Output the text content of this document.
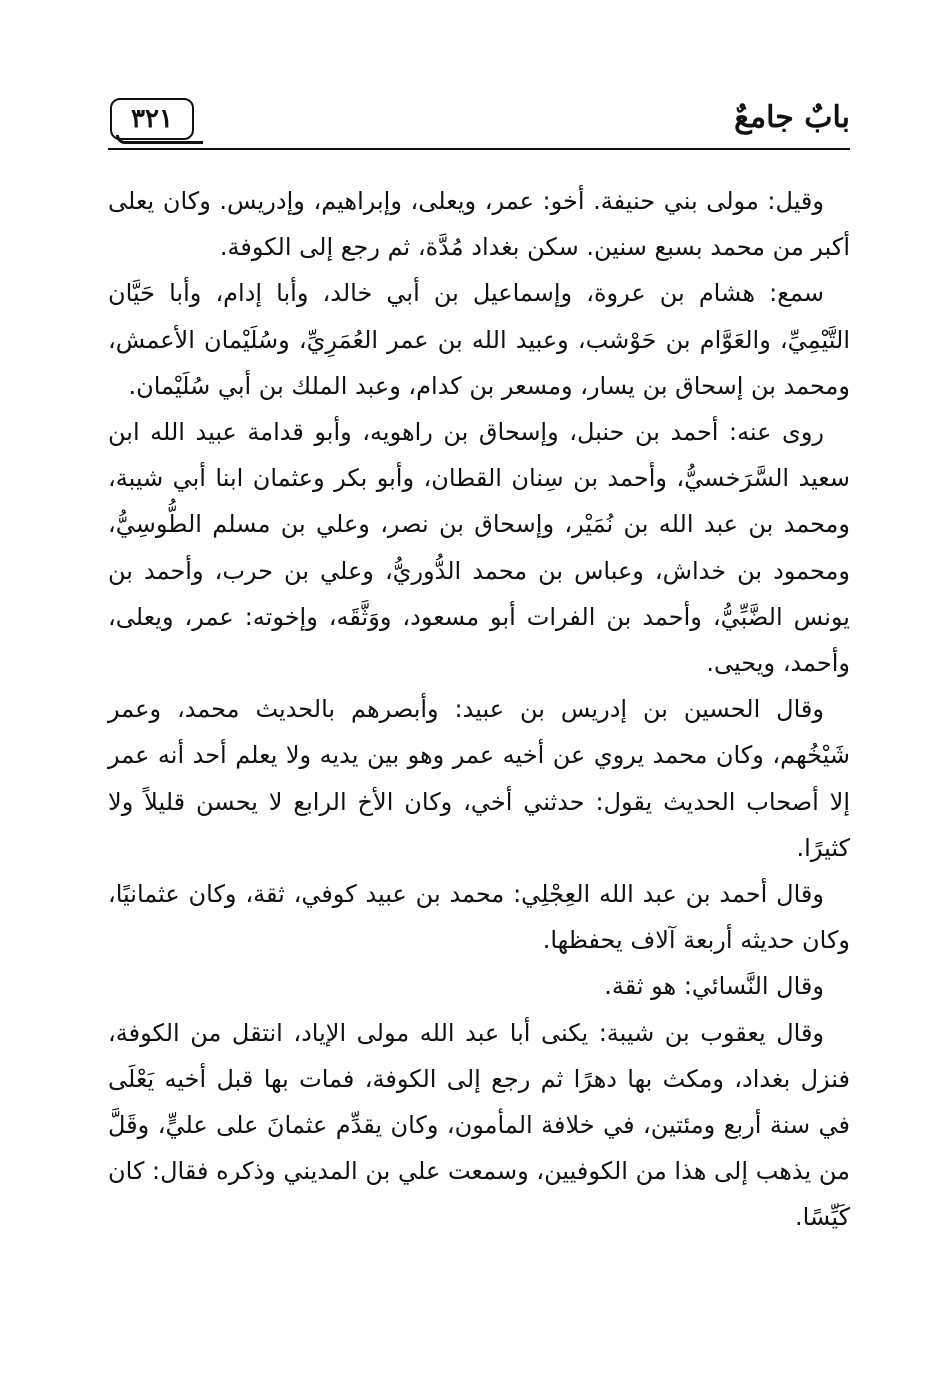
٣٢١	بابٌ جامعٌ

وقيل: مولى بني حنيفة. أخو: عمر، ويعلى، وإبراهيم، وإدريس. وكان يعلى أكبر من محمد بسبع سنين. سكن بغداد مُدَّة، ثم رجع إلى الكوفة.

سمع: هشام بن عروة، وإسماعيل بن أبي خالد، وأبا إدام، وأبا حَيَّان التَّيْمِيِّ، والعَوَّام بن حَوْشب، وعبيد الله بن عمر العُمَرِيِّ، وسُلَيْمان الأعمش، ومحمد بن إسحاق بن يسار، ومسعر بن كدام، وعبد الملك بن أبي سُلَيْمان.

روى عنه: أحمد بن حنبل، وإسحاق بن راهويه، وأبو قدامة عبيد الله ابن سعيد السَّرَخسيُّ، وأحمد بن سِنان القطان، وأبو بكر وعثمان ابنا أبي شيبة، ومحمد بن عبد الله بن نُمَيْر، وإسحاق بن نصر، وعلي بن مسلم الطُّوسِيُّ، ومحمود بن خداش، وعباس بن محمد الدُّوريُّ، وعلي بن حرب، وأحمد بن يونس الضَّبِّيُّ، وأحمد بن الفرات أبو مسعود، ووَثَّقَه، وإخوته: عمر، ويعلى، وأحمد، ويحيى.

وقال الحسين بن إدريس بن عبيد: وأبصرهم بالحديث محمد، وعمر شَيْخُهم، وكان محمد يروي عن أخيه عمر وهو بين يديه ولا يعلم أحد أنه عمر إلا أصحاب الحديث يقول: حدثني أخي، وكان الأخ الرابع لا يحسن قليلاً ولا كثيرًا.

وقال أحمد بن عبد الله العِجْلِي: محمد بن عبيد كوفي، ثقة، وكان عثمانيًا، وكان حديثه أربعة آلاف يحفظها.

وقال النَّسائي: هو ثقة.

وقال يعقوب بن شيبة: يكنى أبا عبد الله مولى الإياد، انتقل من الكوفة، فنزل بغداد، ومكث بها دهرًا ثم رجع إلى الكوفة، فمات بها قبل أخيه يَعْلَى في سنة أربع ومئتين، في خلافة المأمون، وكان يقدِّم عثمانَ على عليٍّ، وقَلَّ من يذهب إلى هذا من الكوفيين، وسمعت علي بن المديني وذكره فقال: كان كَيِّسًا.
